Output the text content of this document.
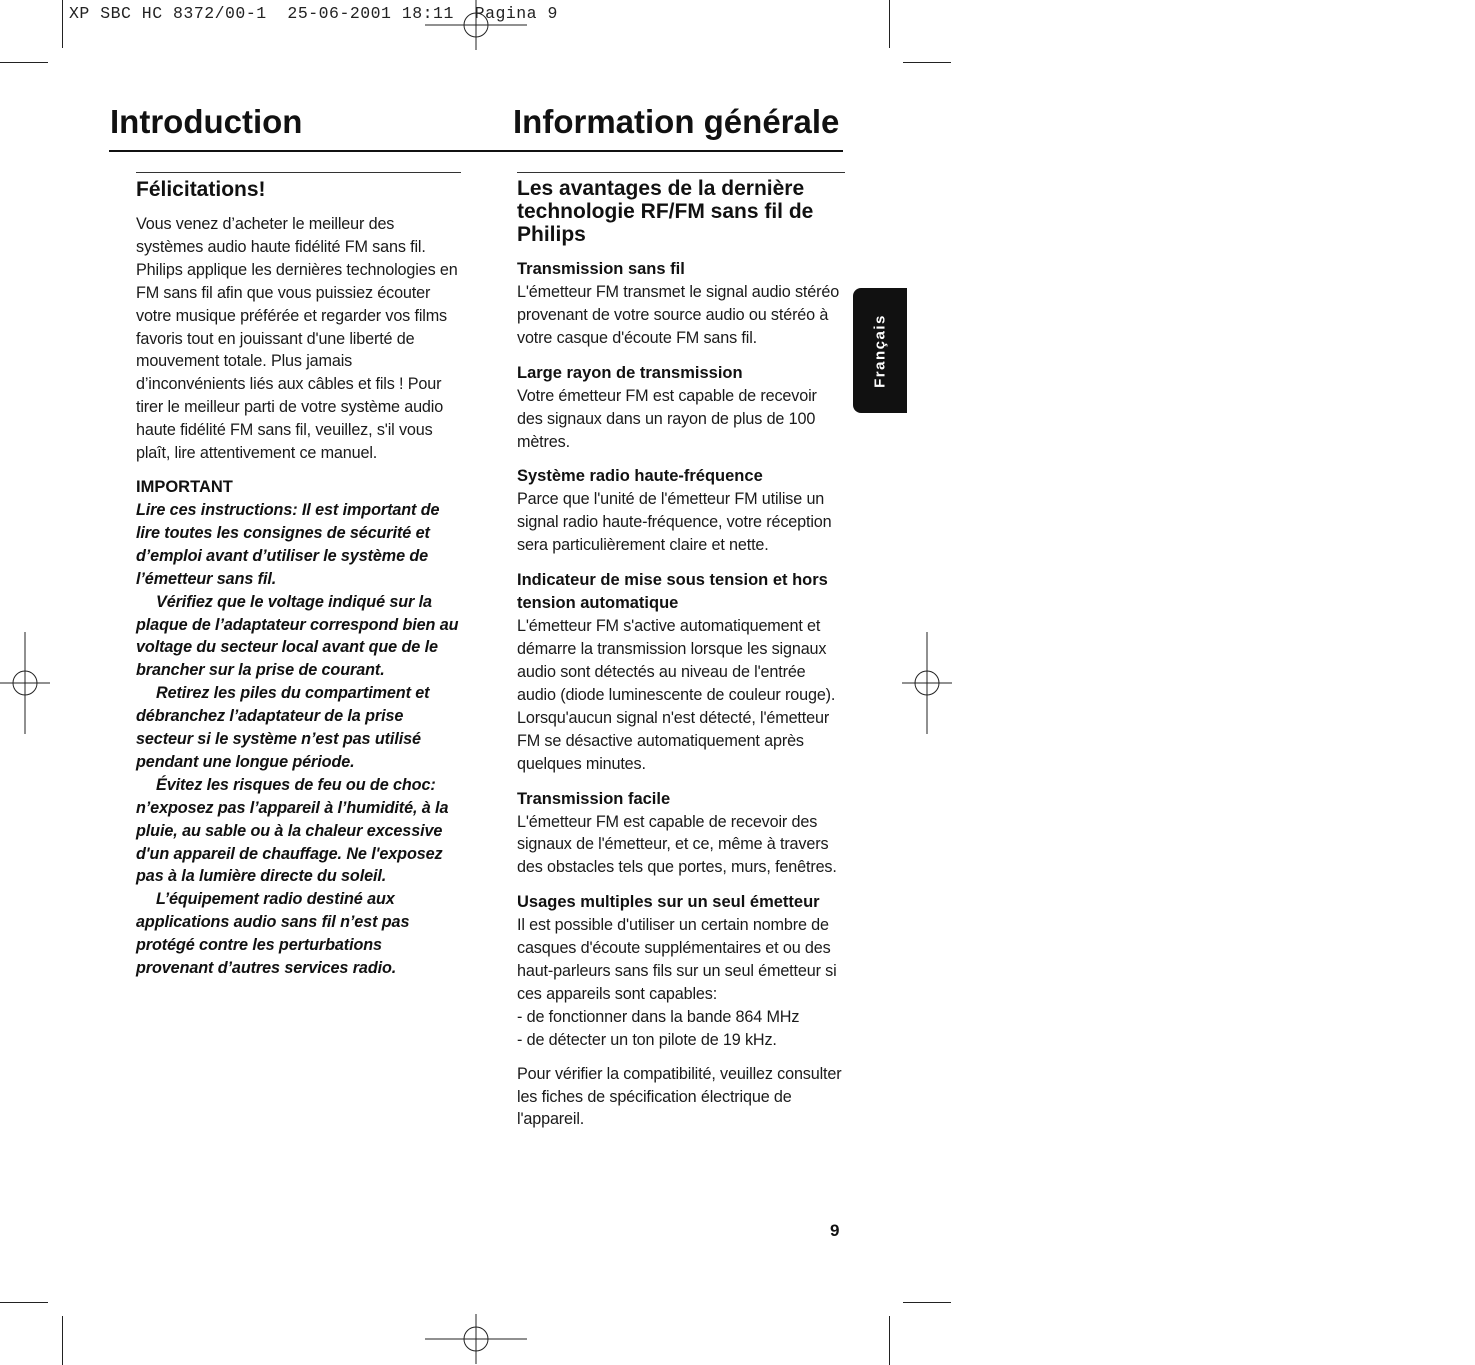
XP SBC HC 8372/00-1  25-06-2001 18:11  Pagina 9
Introduction	Information générale
Félicitations!

Vous venez d’acheter le meilleur des systèmes audio haute fidélité FM sans fil. Philips applique les dernières technologies en FM sans fil afin que vous puissiez écouter votre musique préférée et regarder vos films favoris tout en jouissant d'une liberté de mouvement totale. Plus jamais d’inconvénients liés aux câbles et fils ! Pour tirer le meilleur parti de votre système audio haute fidélité FM sans fil, veuillez, s'il vous plaît, lire attentivement ce manuel.

IMPORTANT

Lire ces instructions: Il est important de lire toutes les consignes de sécurité et d’emploi avant d’utiliser le système de l’émetteur sans fil.

Vérifiez que le voltage indiqué sur la plaque de l’adaptateur correspond bien au voltage du secteur local avant que de le brancher sur la prise de courant.

Retirez les piles du compartiment et débranchez l’adaptateur de la prise secteur si le système n’est pas utilisé pendant une longue période.

Évitez les risques de feu ou de choc: n’exposez pas l’appareil à l’humidité, à la pluie, au sable ou à la chaleur excessive d'un appareil de chauffage. Ne l'exposez pas à la lumière directe du soleil.

L’équipement radio destiné aux applications audio sans fil n’est pas protégé contre les perturbations provenant d’autres services radio.

Les avantages de la dernière technologie RF/FM sans fil de Philips
Transmission sans fil

L'émetteur FM transmet le signal audio stéréo provenant de votre source audio ou stéréo à votre casque d'écoute FM sans fil.

Large rayon de transmission

Votre émetteur FM est capable de recevoir des signaux dans un rayon de plus de 100 mètres.

Système radio haute-fréquence

Parce que l'unité de l'émetteur FM utilise un signal radio haute-fréquence, votre réception sera particulièrement claire et nette.

Indicateur de mise sous tension et hors tension automatique

L'émetteur FM s'active automatiquement et démarre la transmission lorsque les signaux audio sont détectés au niveau de l'entrée audio (diode luminescente de couleur rouge). Lorsqu'aucun signal n'est détecté, l'émetteur FM se désactive automatiquement après quelques minutes.

Transmission facile

L'émetteur FM est capable de recevoir des signaux de l'émetteur, et ce, même à travers des obstacles tels que portes, murs, fenêtres.

Usages multiples sur un seul émetteur

Il est possible d'utiliser un certain nombre de casques d'écoute supplémentaires et ou des haut-parleurs sans fils sur un seul émetteur si ces appareils sont capables:

- de fonctionner dans la bande 864 MHz

- de détecter un ton pilote de 19 kHz.

Pour vérifier la compatibilité, veuillez consulter les fiches de spécification électrique de l'appareil.

Français
9
